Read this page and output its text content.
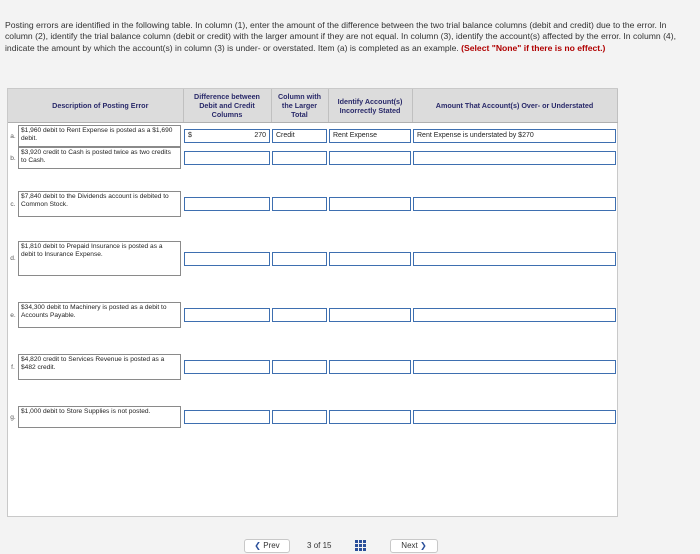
Posting errors are identified in the following table. In column (1), enter the amount of the difference between the two trial balance columns (debit and credit) due to the error. In column (2), identify the trial balance column (debit or credit) with the larger amount if they are not equal. In column (3), identify the account(s) affected by the error. In column (4), indicate the amount by which the account(s) in column (3) is under- or overstated. Item (a) is completed as an example. (Select "None" if there is no effect.)
	Description of Posting Error	Difference between Debit and Credit Columns	Column with the Larger Total	Identify Account(s) Incorrectly Stated	Amount That Account(s) Over- or Understated

a.	$1,960 debit to Rent Expense is posted as a $1,690 debit.	$ 270	Credit	Rent Expense	Rent Expense is understated by $270

b.	$3,920 credit to Cash is posted twice as two credits to Cash.				

c.	$7,840 debit to the Dividends account is debited to Common Stock.				

d.	$1,810 debit to Prepaid Insurance is posted as a debit to Insurance Expense.				

e.	$34,300 debit to Machinery is posted as a debit to Accounts Payable.				

f.	$4,820 credit to Services Revenue is posted as a $482 credit.				

g.	$1,000 debit to Store Supplies is not posted.				

❮ Prev	3 of 15	Next ❯
